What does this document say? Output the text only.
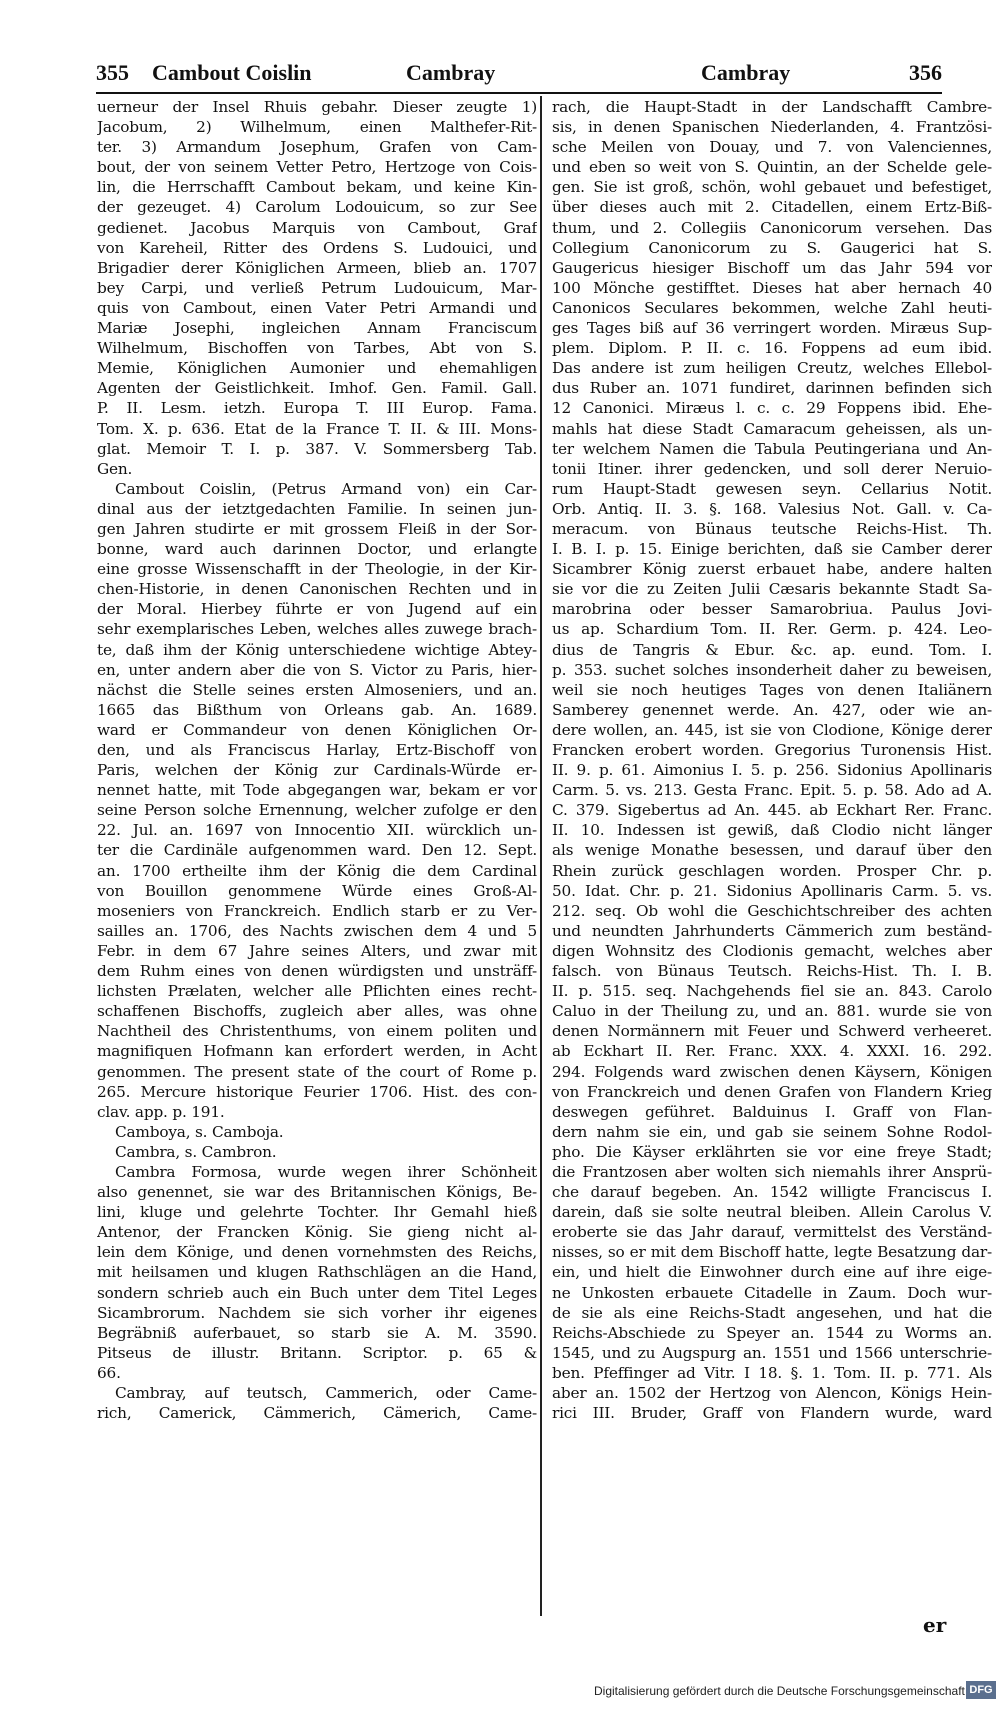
355 Cambout Coislin	Cambray	Cambray	356
uerneur der Insel Rhuis gebahr. Dieser zeugte 1)
Jacobum, 2) Wilhelmum, einen Malthefer-Rit-
ter. 3) Armandum Josephum, Grafen von Cam-
bout, der von seinem Vetter Petro, Hertzoge von Cois-
lin, die Herrschafft Cambout bekam, und keine Kin-
der gezeuget. 4) Carolum Lodouicum, so zur See
gedienet. Jacobus Marquis von Cambout, Graf
von Kareheil, Ritter des Ordens S. Ludouici, und
Brigadier derer Königlichen Armeen, blieb an. 1707
bey Carpi, und verließ Petrum Ludouicum, Mar-
quis von Cambout, einen Vater Petri Armandi und
Mariæ Josephi, ingleichen Annam Franciscum
Wilhelmum, Bischoffen von Tarbes, Abt von S.
Memie, Königlichen Aumonier und ehemahligen
Agenten der Geistlichkeit. Imhof. Gen. Famil. Gall.
P. II. Lesm. ietzh. Europa T. III Europ. Fama.
Tom. X. p. 636. Etat de la France T. II. & III. Mons-
glat. Memoir T. I. p. 387. V. Sommersberg Tab.
Gen.
Cambout Coislin, (Petrus Armand von) ein Car-
dinal aus der ietztgedachten Familie. In seinen jun-
gen Jahren studirte er mit grossem Fleiß in der Sor-
bonne, ward auch darinnen Doctor, und erlangte
eine grosse Wissenschafft in der Theologie, in der Kir-
chen-Historie, in denen Canonischen Rechten und in
der Moral. Hierbey führte er von Jugend auf ein
sehr exemplarisches Leben, welches alles zuwege brach-
te, daß ihm der König unterschiedene wichtige Abtey-
en, unter andern aber die von S. Victor zu Paris, hier-
nächst die Stelle seines ersten Almoseniers, und an.
1665 das Bißthum von Orleans gab. An. 1689.
ward er Commandeur von denen Königlichen Or-
den, und als Franciscus Harlay, Ertz-Bischoff von
Paris, welchen der König zur Cardinals-Würde er-
nennet hatte, mit Tode abgegangen war, bekam er vor
seine Person solche Ernennung, welcher zufolge er den
22. Jul. an. 1697 von Innocentio XII. würcklich un-
ter die Cardinäle aufgenommen ward. Den 12. Sept.
an. 1700 ertheilte ihm der König die dem Cardinal
von Bouillon genommene Würde eines Groß-Al-
moseniers von Franckreich. Endlich starb er zu Ver-
sailles an. 1706, des Nachts zwischen dem 4 und 5
Febr. in dem 67 Jahre seines Alters, und zwar mit
dem Ruhm eines von denen würdigsten und unsträff-
lichsten Prælaten, welcher alle Pflichten eines recht-
schaffenen Bischoffs, zugleich aber alles, was ohne
Nachtheil des Christenthums, von einem politen und
magnifiquen Hofmann kan erfordert werden, in Acht
genommen. The present state of the court of Rome p.
265. Mercure historique Feurier 1706. Hist. des con-
clav. app. p. 191.
Camboya, s. Camboja.
Cambra, s. Cambron.
Cambra Formosa, wurde wegen ihrer Schönheit
also genennet, sie war des Britannischen Königs, Be-
lini, kluge und gelehrte Tochter. Ihr Gemahl hieß
Antenor, der Francken König. Sie gieng nicht al-
lein dem Könige, und denen vornehmsten des Reichs,
mit heilsamen und klugen Rathschlägen an die Hand,
sondern schrieb auch ein Buch unter dem Titel Leges
Sicambrorum. Nachdem sie sich vorher ihr eigenes
Begräbniß auferbauet, so starb sie A. M. 3590.
Pitseus de illustr. Britann. Scriptor. p. 65 &
66.
Cambray, auf teutsch, Cammerich, oder Came-
rich, Camerick, Cämmerich, Cämerich, Came-
rach, die Haupt-Stadt in der Landschafft Cambre-
sis, in denen Spanischen Niederlanden, 4. Frantzösi-
sche Meilen von Douay, und 7. von Valenciennes,
und eben so weit von S. Quintin, an der Schelde gele-
gen. Sie ist groß, schön, wohl gebauet und befestiget,
über dieses auch mit 2. Citadellen, einem Ertz-Biß-
thum, und 2. Collegiis Canonicorum versehen. Das
Collegium Canonicorum zu S. Gaugerici hat S.
Gaugericus hiesiger Bischoff um das Jahr 594 vor
100 Mönche gestifftet. Dieses hat aber hernach 40
Canonicos Seculares bekommen, welche Zahl heuti-
ges Tages biß auf 36 verringert worden. Miræus Sup-
plem. Diplom. P. II. c. 16. Foppens ad eum ibid.
Das andere ist zum heiligen Creutz, welches Ellebol-
dus Ruber an. 1071 fundiret, darinnen befinden sich
12 Canonici. Miræus l. c. c. 29 Foppens ibid. Ehe-
mahls hat diese Stadt Camaracum geheissen, als un-
ter welchem Namen die Tabula Peutingeriana und An-
tonii Itiner. ihrer gedencken, und soll derer Neruio-
rum Haupt-Stadt gewesen seyn. Cellarius Notit.
Orb. Antiq. II. 3. §. 168. Valesius Not. Gall. v. Ca-
meracum. von Bünaus teutsche Reichs-Hist. Th.
I. B. I. p. 15. Einige berichten, daß sie Camber derer
Sicambrer König zuerst erbauet habe, andere halten
sie vor die zu Zeiten Julii Cæsaris bekannte Stadt Sa-
marobrina oder besser Samarobriua. Paulus Jovi-
us ap. Schardium Tom. II. Rer. Germ. p. 424. Leo-
dius de Tangris & Ebur. &c. ap. eund. Tom. I.
p. 353. suchet solches insonderheit daher zu beweisen,
weil sie noch heutiges Tages von denen Italiänern
Samberey genennet werde. An. 427, oder wie an-
dere wollen, an. 445, ist sie von Clodione, Könige derer
Francken erobert worden. Gregorius Turonensis Hist.
II. 9. p. 61. Aimonius I. 5. p. 256. Sidonius Apollinaris
Carm. 5. vs. 213. Gesta Franc. Epit. 5. p. 58. Ado ad A.
C. 379. Sigebertus ad An. 445. ab Eckhart Rer. Franc.
II. 10. Indessen ist gewiß, daß Clodio nicht länger
als wenige Monathe besessen, und darauf über den
Rhein zurück geschlagen worden. Prosper Chr. p.
50. Idat. Chr. p. 21. Sidonius Apollinaris Carm. 5. vs.
212. seq. Ob wohl die Geschichtschreiber des achten
und neundten Jahrhunderts Cämmerich zum beständ-
digen Wohnsitz des Clodionis gemacht, welches aber
falsch. von Bünaus Teutsch. Reichs-Hist. Th. I. B.
II. p. 515. seq. Nachgehends fiel sie an. 843. Carolo
Caluo in der Theilung zu, und an. 881. wurde sie von
denen Normännern mit Feuer und Schwerd verheeret.
ab Eckhart II. Rer. Franc. XXX. 4. XXXI. 16. 292.
294. Folgends ward zwischen denen Käysern, Königen
von Franckreich und denen Grafen von Flandern Krieg
deswegen geführet. Balduinus I. Graff von Flan-
dern nahm sie ein, und gab sie seinem Sohne Rodol-
pho. Die Käyser erklährten sie vor eine freye Stadt;
die Frantzosen aber wolten sich niemahls ihrer Ansprü-
che darauf begeben. An. 1542 willigte Franciscus I.
darein, daß sie solte neutral bleiben. Allein Carolus V.
eroberte sie das Jahr darauf, vermittelst des Verständ-
nisses, so er mit dem Bischoff hatte, legte Besatzung dar-
ein, und hielt die Einwohner durch eine auf ihre eige-
ne Unkosten erbauete Citadelle in Zaum. Doch wur-
de sie als eine Reichs-Stadt angesehen, und hat die
Reichs-Abschiede zu Speyer an. 1544 zu Worms an.
1545, und zu Augspurg an. 1551 und 1566 unterschrie-
ben. Pfeffinger ad Vitr. I 18. §. 1. Tom. II. p. 771. Als
aber an. 1502 der Hertzog von Alencon, Königs Hein-
rici III. Bruder, Graff von Flandern wurde, ward
er
Digitalisierung gefördert durch die Deutsche Forschungsgemeinschaft DFG
